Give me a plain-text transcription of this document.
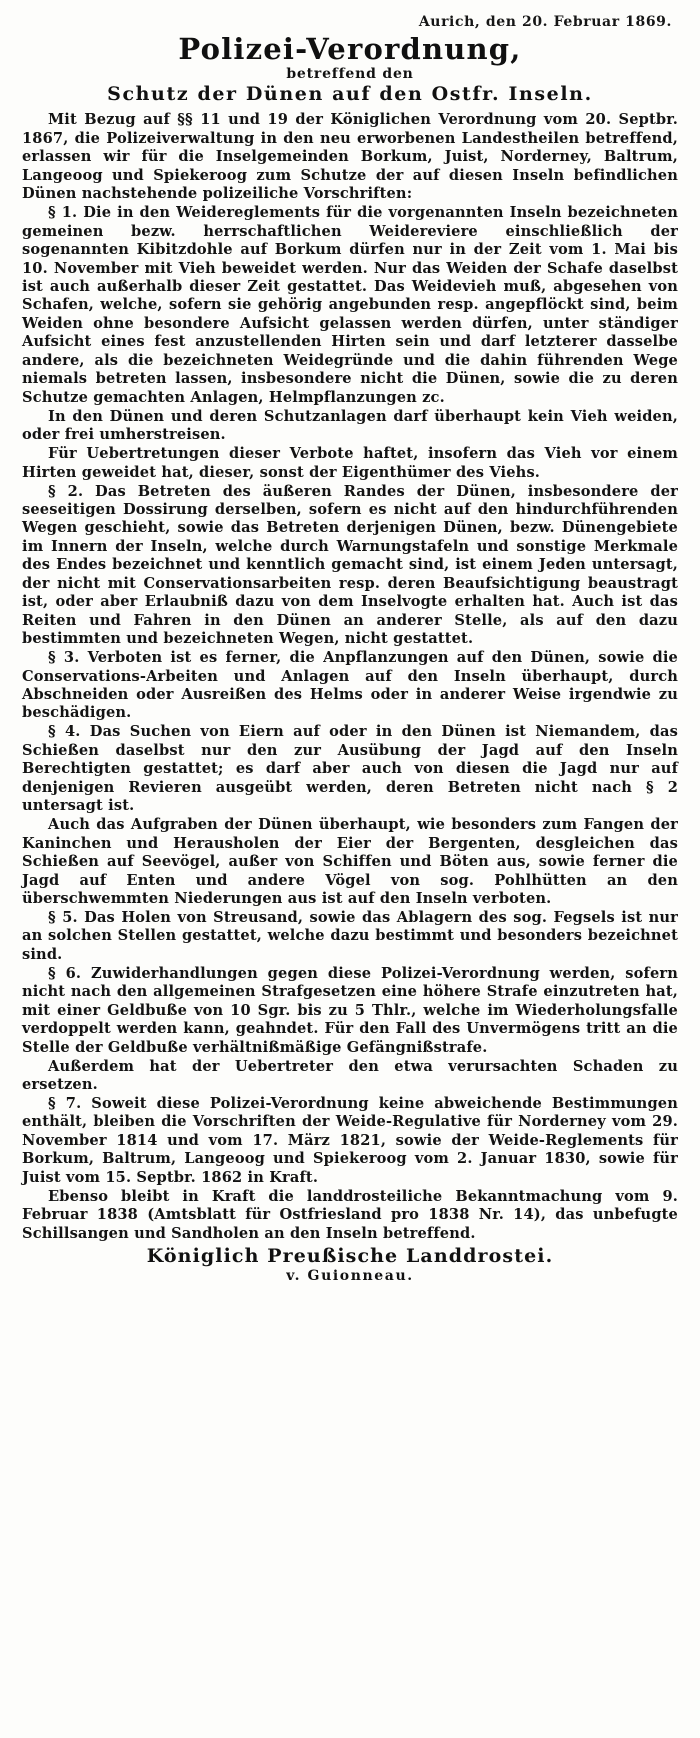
Aurich, den 20. Februar 1869.
Polizei-Verordnung,
betreffend den
Schutz der Dünen auf den Ostfr. Inseln.

Mit Bezug auf §§ 11 und 19 der Königlichen Verordnung vom 20. Septbr. 1867, die Polizeiverwaltung in den neu erworbenen Landestheilen betreffend, erlassen wir für die Inselgemeinden Borkum, Juist, Norderney, Baltrum, Langeoog und Spiekeroog zum Schutze der auf diesen Inseln befindlichen Dünen nachstehende polizeiliche Vorschriften:

§ 1. Die in den Weidereglements für die vorgenannten Inseln bezeichneten gemeinen bezw. herrschaftlichen Weidereviere einschließlich der sogenannten Kibitzdohle auf Borkum dürfen nur in der Zeit vom 1. Mai bis 10. November mit Vieh beweidet werden. Nur das Weiden der Schafe daselbst ist auch außerhalb dieser Zeit gestattet. Das Weidevieh muß, abgesehen von Schafen, welche, sofern sie gehörig angebunden resp. angepflöckt sind, beim Weiden ohne besondere Aufsicht gelassen werden dürfen, unter ständiger Aufsicht eines fest anzustellenden Hirten sein und darf letzterer dasselbe andere, als die bezeichneten Weidegründe und die dahin führenden Wege niemals betreten lassen, insbesondere nicht die Dünen, sowie die zu deren Schutze gemachten Anlagen, Helmpflanzungen zc.

In den Dünen und deren Schutzanlagen darf überhaupt kein Vieh weiden, oder frei umherstreisen.

Für Uebertretungen dieser Verbote haftet, insofern das Vieh vor einem Hirten geweidet hat, dieser, sonst der Eigenthümer des Viehs.

§ 2. Das Betreten des äußeren Randes der Dünen, insbesondere der seeseitigen Dossirung derselben, sofern es nicht auf den hindurchführenden Wegen geschieht, sowie das Betreten derjenigen Dünen, bezw. Dünengebiete im Innern der Inseln, welche durch Warnungstafeln und sonstige Merkmale des Endes bezeichnet und kenntlich gemacht sind, ist einem Jeden untersagt, der nicht mit Conservationsarbeiten resp. deren Beaufsichtigung beaustragt ist, oder aber Erlaubniß dazu von dem Inselvogte erhalten hat. Auch ist das Reiten und Fahren in den Dünen an anderer Stelle, als auf den dazu bestimmten und bezeichneten Wegen, nicht gestattet.

§ 3. Verboten ist es ferner, die Anpflanzungen auf den Dünen, sowie die Conservations-Arbeiten und Anlagen auf den Inseln überhaupt, durch Abschneiden oder Ausreißen des Helms oder in anderer Weise irgendwie zu beschädigen.

§ 4. Das Suchen von Eiern auf oder in den Dünen ist Niemandem, das Schießen daselbst nur den zur Ausübung der Jagd auf den Inseln Berechtigten gestattet; es darf aber auch von diesen die Jagd nur auf denjenigen Revieren ausgeübt werden, deren Betreten nicht nach § 2 untersagt ist.

Auch das Aufgraben der Dünen überhaupt, wie besonders zum Fangen der Kaninchen und Herausholen der Eier der Bergenten, desgleichen das Schießen auf Seevögel, außer von Schiffen und Böten aus, sowie ferner die Jagd auf Enten und andere Vögel von sog. Pohlhütten an den überschwemmten Niederungen aus ist auf den Inseln verboten.

§ 5. Das Holen von Streusand, sowie das Ablagern des sog. Fegsels ist nur an solchen Stellen gestattet, welche dazu bestimmt und besonders bezeichnet sind.

§ 6. Zuwiderhandlungen gegen diese Polizei-Verordnung werden, sofern nicht nach den allgemeinen Strafgesetzen eine höhere Strafe einzutreten hat, mit einer Geldbuße von 10 Sgr. bis zu 5 Thlr., welche im Wiederholungsfalle verdoppelt werden kann, geahndet. Für den Fall des Unvermögens tritt an die Stelle der Geldbuße verhältnißmäßige Gefängnißstrafe.

Außerdem hat der Uebertreter den etwa verursachten Schaden zu ersetzen.

§ 7. Soweit diese Polizei-Verordnung keine abweichende Bestimmungen enthält, bleiben die Vorschriften der Weide-Regulative für Norderney vom 29. November 1814 und vom 17. März 1821, sowie der Weide-Reglements für Borkum, Baltrum, Langeoog und Spiekeroog vom 2. Januar 1830, sowie für Juist vom 15. Septbr. 1862 in Kraft.

Ebenso bleibt in Kraft die landdrosteiliche Bekanntmachung vom 9. Februar 1838 (Amtsblatt für Ostfriesland pro 1838 Nr. 14), das unbefugte Schillsangen und Sandholen an den Inseln betreffend.

Königlich Preußische Landdrostei.
v. Guionneau.
